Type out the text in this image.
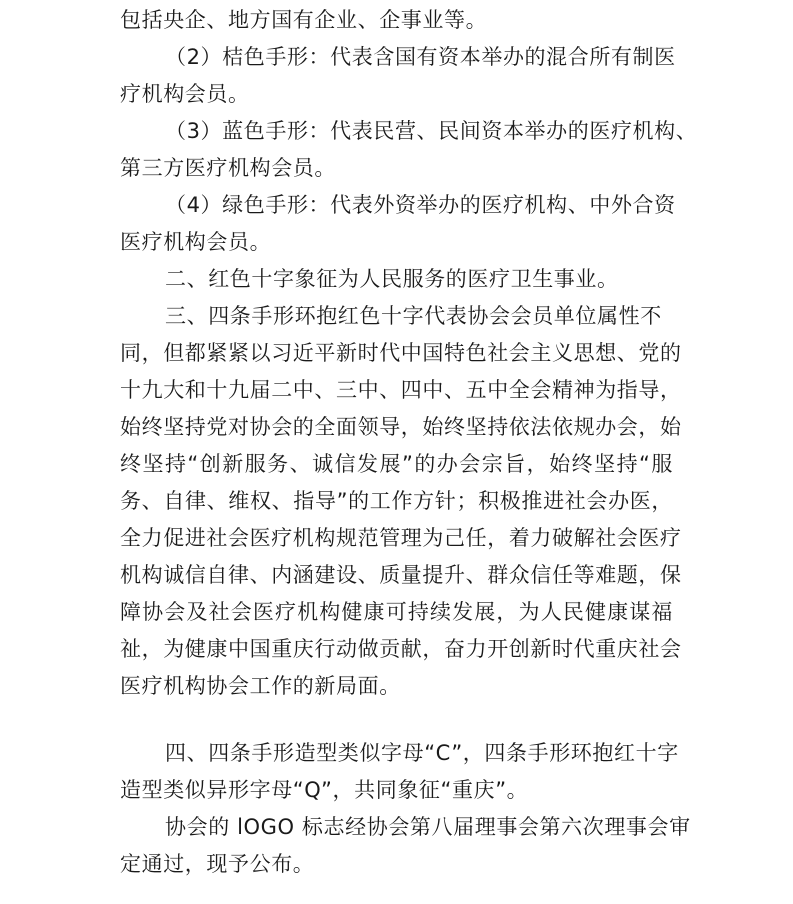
包括央企、地方国有企业、企事业等。

（2）桔色手形：代表含国有资本举办的混合所有制医

疗机构会员。

（3）蓝色手形：代表民营、民间资本举办的医疗机构、

第三方医疗机构会员。

（4）绿色手形：代表外资举办的医疗机构、中外合资

医疗机构会员。

二、红色十字象征为人民服务的医疗卫生事业。

三、四条手形环抱红色十字代表协会会员单位属性不

同，但都紧紧以习近平新时代中国特色社会主义思想、党的

十九大和十九届二中、三中、四中、五中全会精神为指导，

始终坚持党对协会的全面领导，始终坚持依法依规办会，始

终坚持“创新服务、诚信发展”的办会宗旨，始终坚持“服

务、自律、维权、指导”的工作方针；积极推进社会办医，

全力促进社会医疗机构规范管理为己任，着力破解社会医疗

机构诚信自律、内涵建设、质量提升、群众信任等难题，保

障协会及社会医疗机构健康可持续发展，为人民健康谋福

祉，为健康中国重庆行动做贡献，奋力开创新时代重庆社会

医疗机构协会工作的新局面。

四、四条手形造型类似字母“C”，四条手形环抱红十字

造型类似异形字母“Q”，共同象征“重庆”。

协会的 lOGO 标志经协会第八届理事会第六次理事会审

定通过，现予公布。
